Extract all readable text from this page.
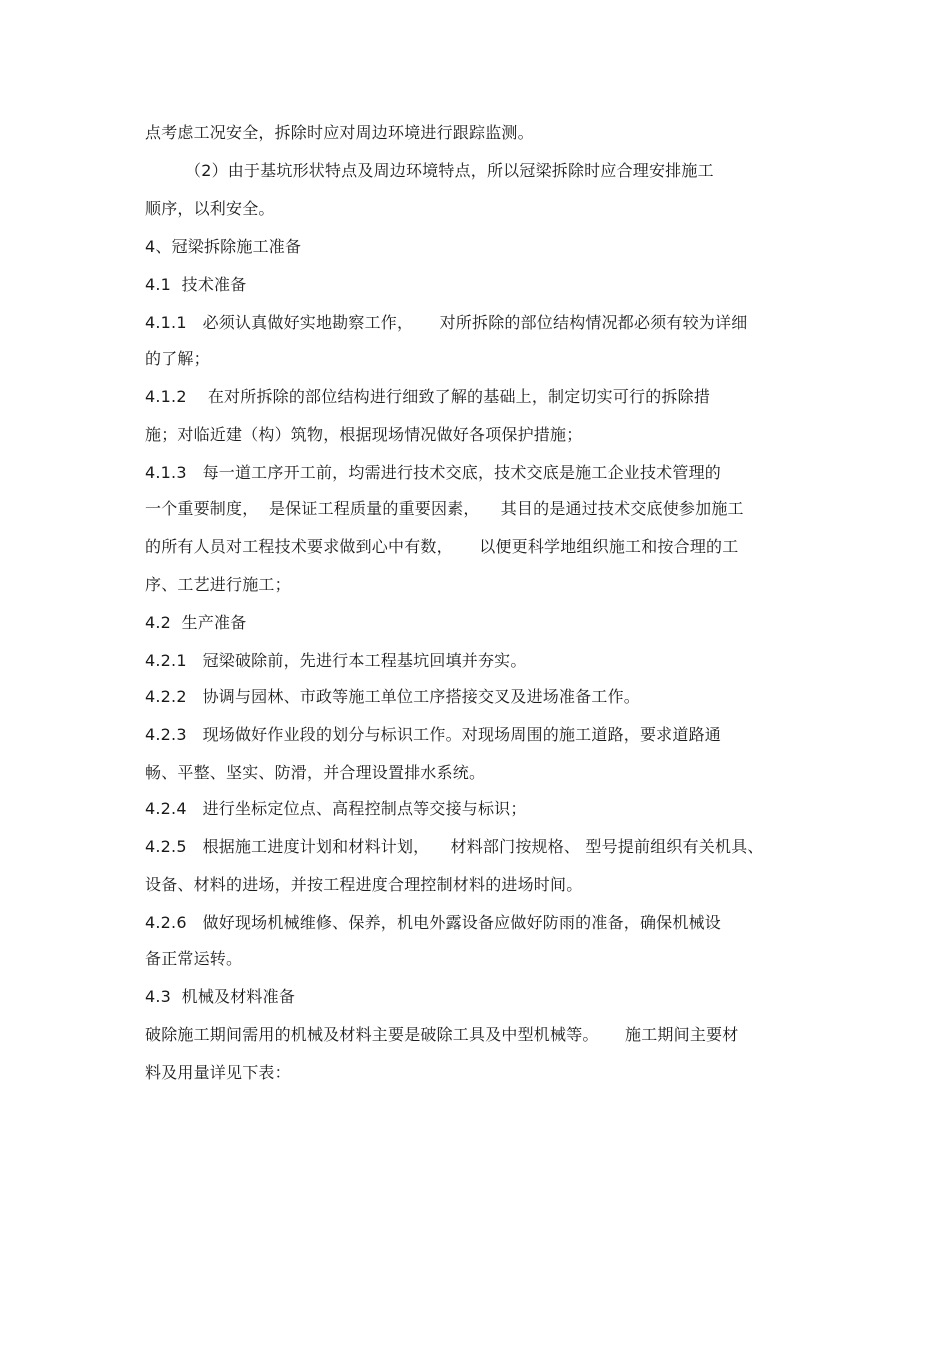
点考虑工况安全，拆除时应对周边环境进行跟踪监测。
（2）由于基坑形状特点及周边环境特点，所以冠梁拆除时应合理安排施工
顺序，以利安全。
4、冠梁拆除施工准备
4.1  技术准备
4.1.1   必须认真做好实地勘察工作，     对所拆除的部位结构情况都必须有较为详细
的了解；
4.1.2    在对所拆除的部位结构进行细致了解的基础上，制定切实可行的拆除措
施；对临近建（构）筑物，根据现场情况做好各项保护措施；
4.1.3   每一道工序开工前，均需进行技术交底，技术交底是施工企业技术管理的
一个重要制度，  是保证工程质量的重要因素，    其目的是通过技术交底使参加施工
的所有人员对工程技术要求做到心中有数，     以便更科学地组织施工和按合理的工
序、工艺进行施工；
4.2  生产准备
4.2.1   冠梁破除前，先进行本工程基坑回填并夯实。
4.2.2   协调与园林、市政等施工单位工序搭接交叉及进场准备工作。
4.2.3   现场做好作业段的划分与标识工作。对现场周围的施工道路，要求道路通
畅、平整、坚实、防滑，并合理设置排水系统。
4.2.4   进行坐标定位点、高程控制点等交接与标识；
4.2.5   根据施工进度计划和材料计划，    材料部门按规格、 型号提前组织有关机具、
设备、材料的进场，并按工程进度合理控制材料的进场时间。
4.2.6   做好现场机械维修、保养，机电外露设备应做好防雨的准备，确保机械设
备正常运转。
4.3  机械及材料准备
破除施工期间需用的机械及材料主要是破除工具及中型机械等。     施工期间主要材
料及用量详见下表：
